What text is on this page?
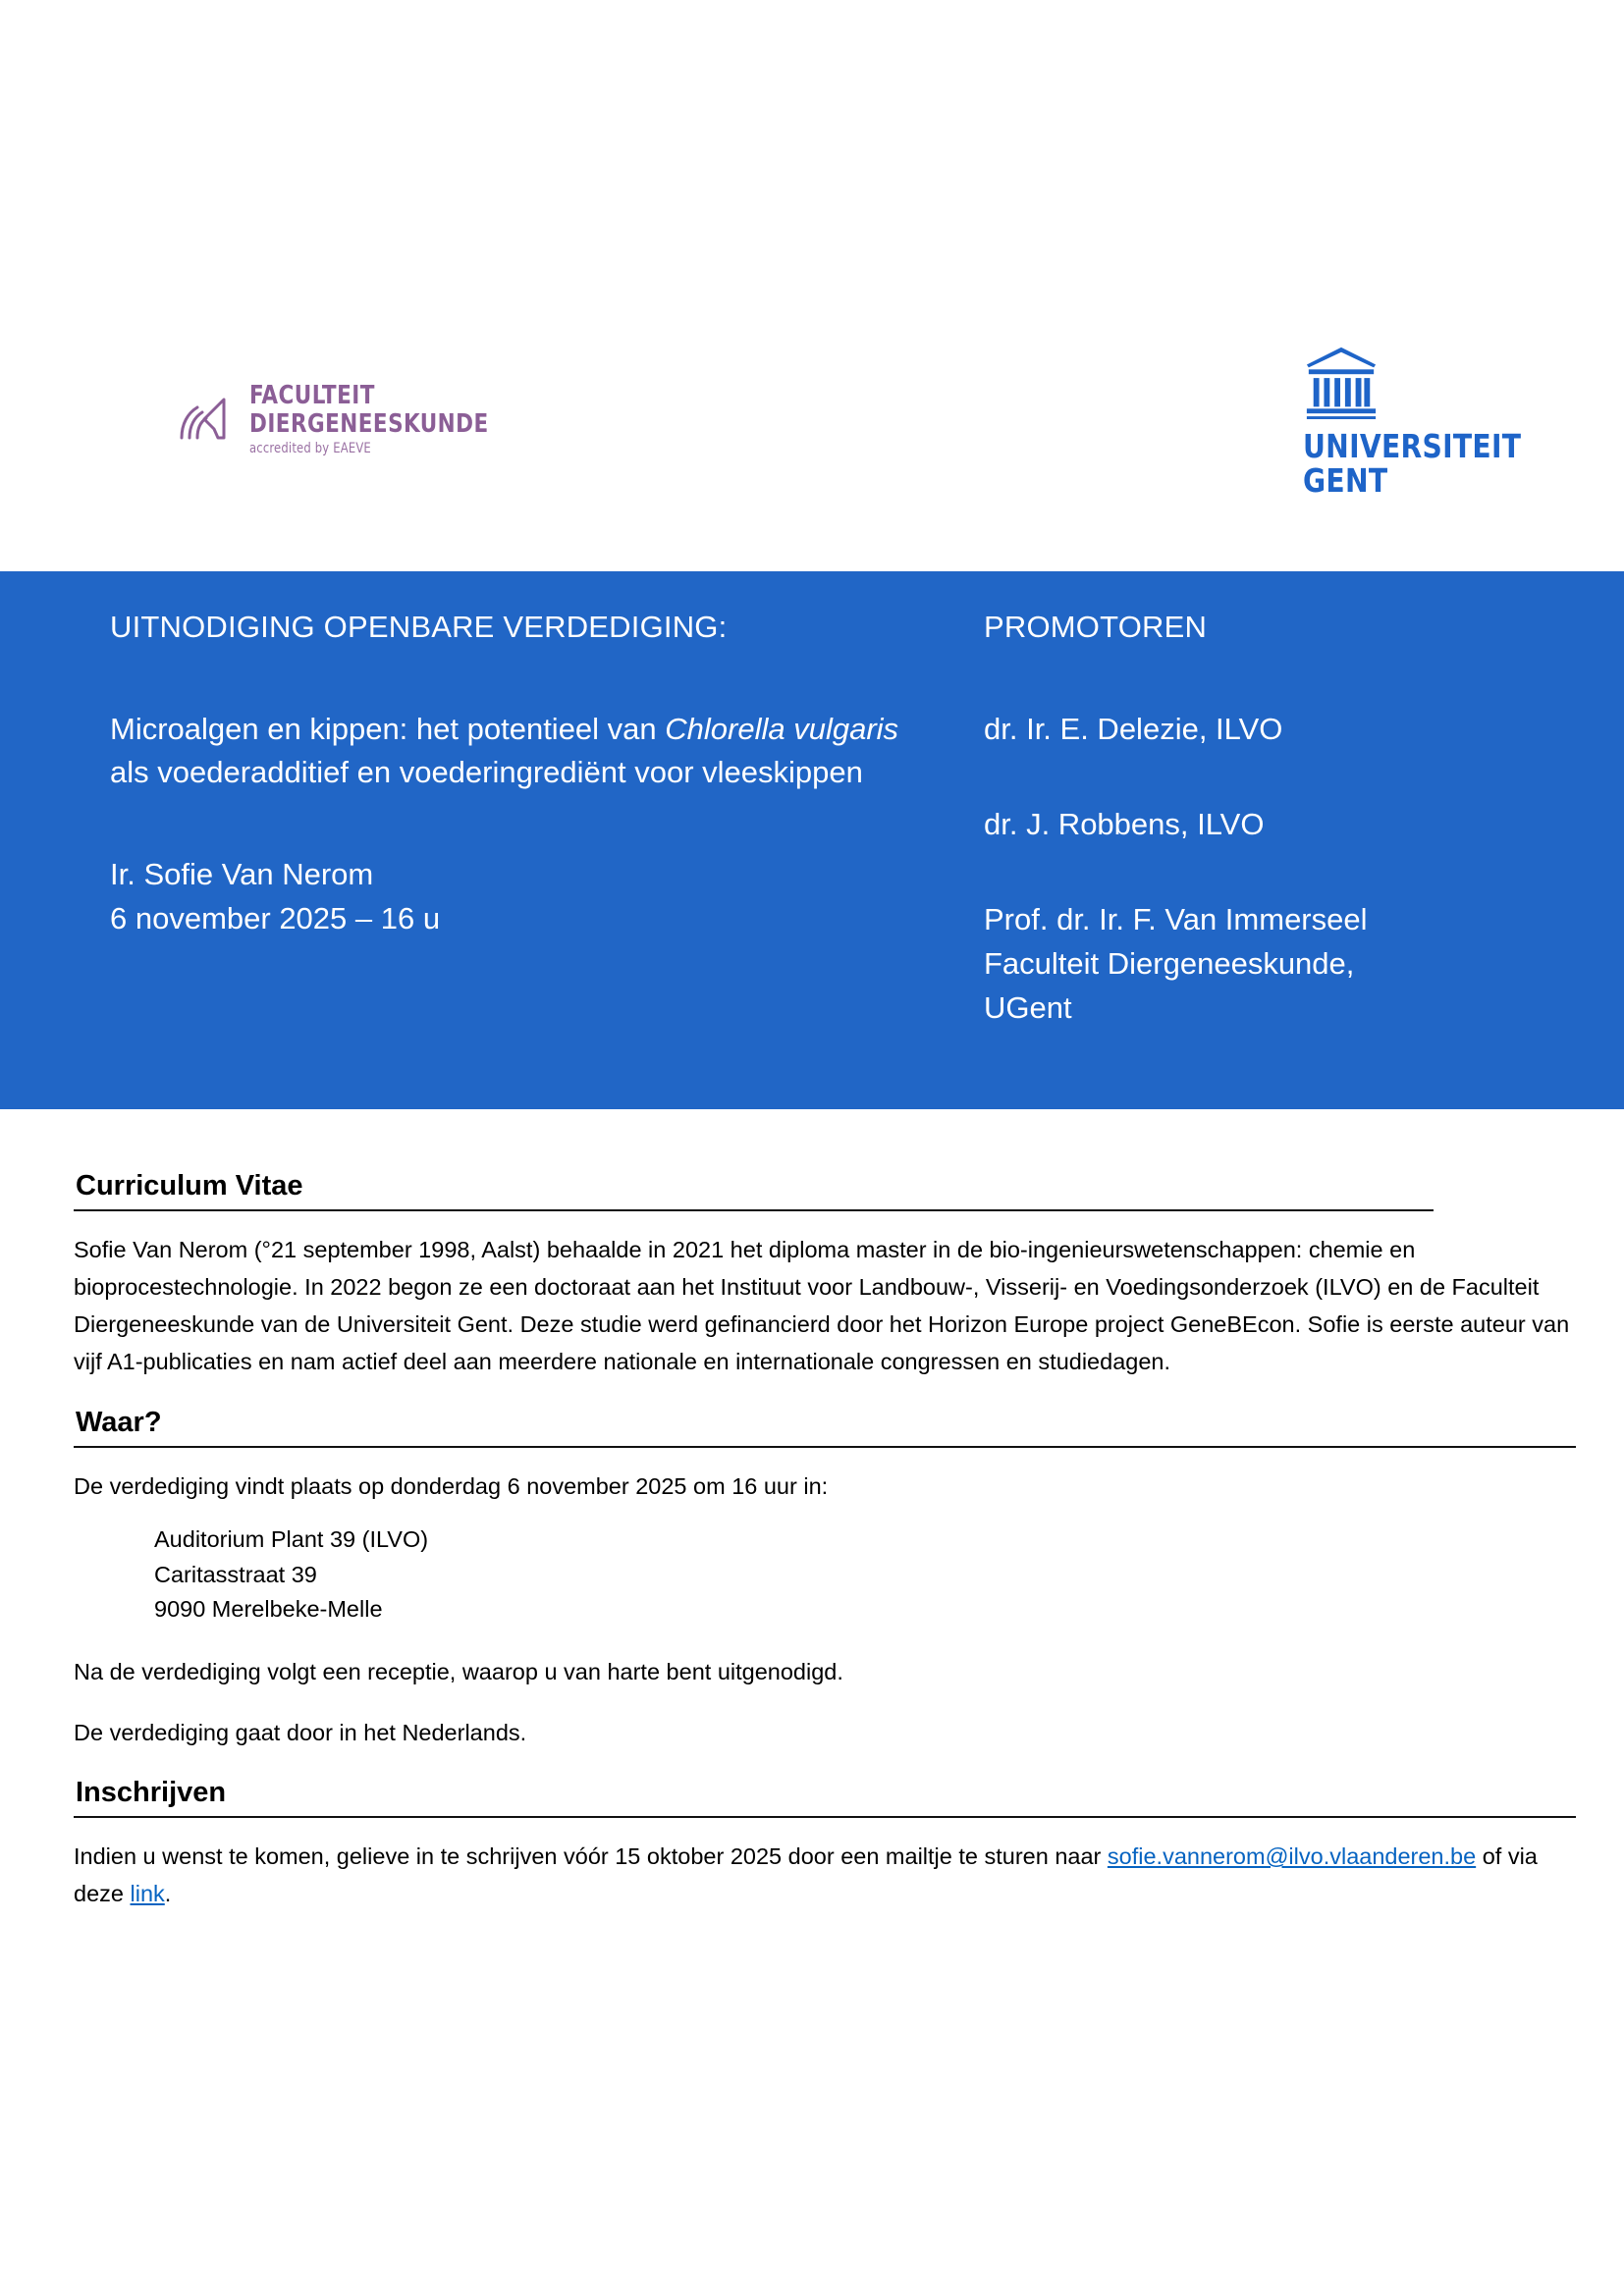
FACULTEIT
DIERGENEESKUNDE
accredited by EAEVE	UNIVERSITEIT
GENT
UITNODIGING OPENBARE VERDEDIGING:
Microalgen en kippen: het potentieel van Chlorella vulgaris als voederadditief en voederingrediënt voor vleeskippen
Ir. Sofie Van Nerom
6 november 2025 – 16 u
PROMOTOREN
dr. Ir. E. Delezie, ILVO
dr. J. Robbens, ILVO
Prof. dr. Ir. F. Van Immerseel
Faculteit Diergeneeskunde,
UGent
Curriculum Vitae

Sofie Van Nerom (°21 september 1998, Aalst) behaalde in 2021 het diploma master in de bio-ingenieurswetenschappen: chemie en bioprocestechnologie. In 2022 begon ze een doctoraat aan het Instituut voor Landbouw-, Visserij- en Voedingsonderzoek (ILVO) en de Faculteit Diergeneeskunde van de Universiteit Gent. Deze studie werd gefinancierd door het Horizon Europe project GeneBEcon. Sofie is eerste auteur van vijf A1-publicaties en nam actief deel aan meerdere nationale en internationale congressen en studiedagen.

Waar?

De verdediging vindt plaats op donderdag 6 november 2025 om 16 uur in:

Auditorium Plant 39 (ILVO)
Caritasstraat 39
9090 Merelbeke-Melle

Na de verdediging volgt een receptie, waarop u van harte bent uitgenodigd.

De verdediging gaat door in het Nederlands.

Inschrijven

Indien u wenst te komen, gelieve in te schrijven vóór 15 oktober 2025 door een mailtje te sturen naar sofie.vannerom@ilvo.vlaanderen.be of via deze link.
